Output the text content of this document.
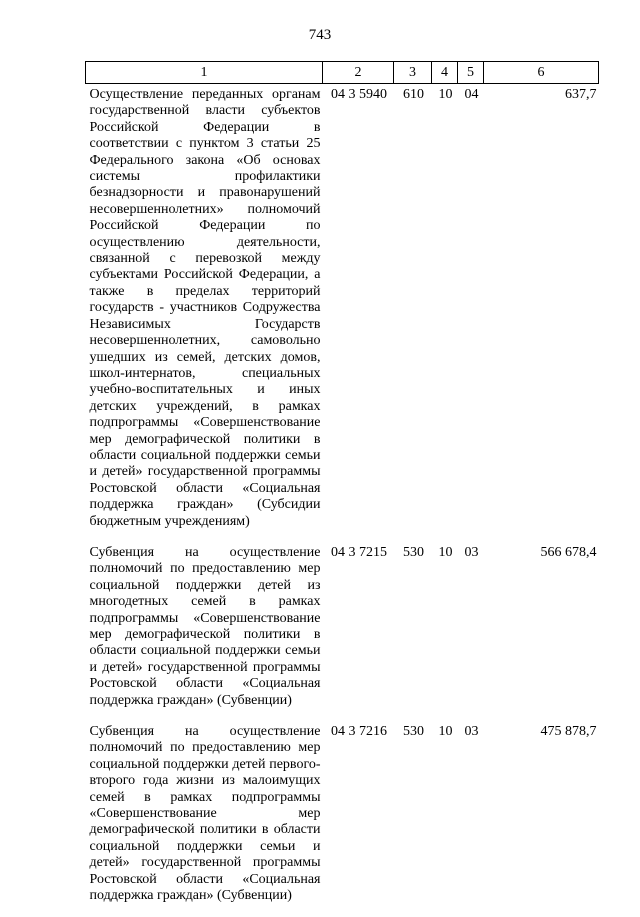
743
1	2	3	4	5	6
Осуществление переданных органам государственной власти субъектов Российской Федерации в соответствии с пунктом 3 статьи 25 Федерального закона «Об основах системы профилактики безнадзорности и правонарушений несовершеннолетних» полномочий Российской Федерации по осуществлению деятельности, связанной с перевозкой между субъектами Российской Федерации, а также в пределах территорий государств - участников Содружества Независимых Государств несовершеннолетних, самовольно ушедших из семей, детских домов, школ-интернатов, специальных учебно-воспитательных и иных детских учреждений, в рамках подпрограммы «Совершенствование мер демографической политики в области социальной поддержки семьи и детей» государственной программы Ростовской области «Социальная поддержка граждан» (Субсидии бюджетным учреждениям)	04 3 5940	610	10	04	637,7
Субвенция на осуществление полномочий по предоставлению мер социальной поддержки детей из многодетных семей в рамках подпрограммы «Совершенствование мер демографической политики в области социальной поддержки семьи и детей» государственной программы Ростовской области «Социальная поддержка граждан» (Субвенции)	04 3 7215	530	10	03	566 678,4
Субвенция на осуществление полномочий по предоставлению мер социальной поддержки детей первого-второго года жизни из малоимущих семей в рамках подпрограммы «Совершенствование мер демографической политики в области социальной поддержки семьи и детей» государственной программы Ростовской области «Социальная поддержка граждан» (Субвенции)	04 3 7216	530	10	03	475 878,7
